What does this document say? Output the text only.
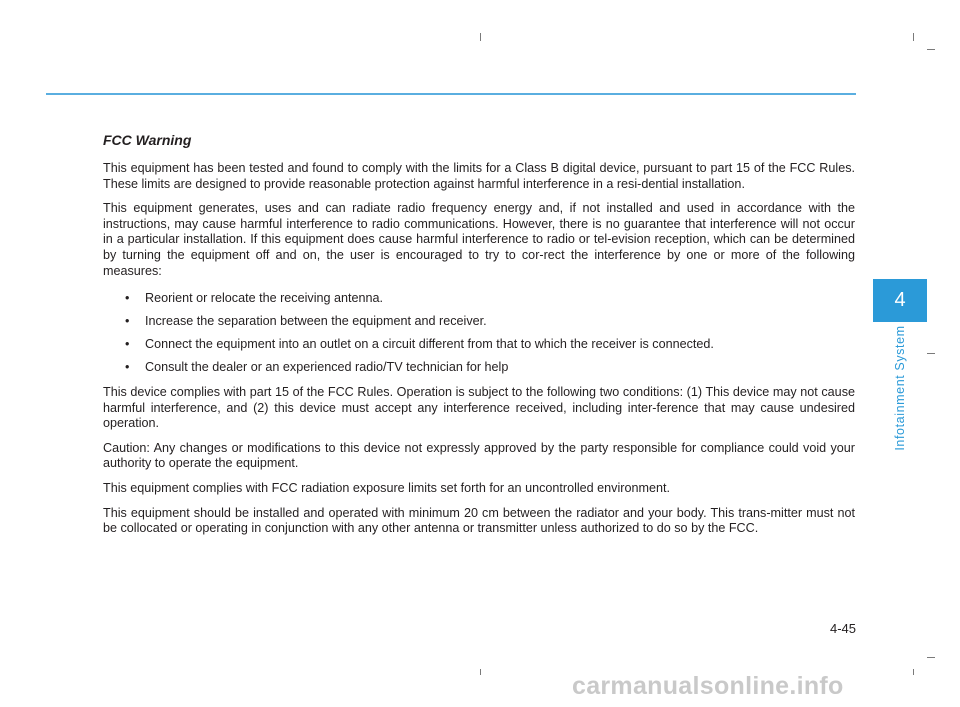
4
Infotainment System
FCC Warning

This equipment has been tested and found to comply with the limits for a Class B digital device, pursuant to part 15 of the FCC Rules. These limits are designed to provide reasonable protection against harmful interference in a resi-dential installation.

This equipment generates, uses and can radiate radio frequency energy and, if not installed and used in accordance with the instructions, may cause harmful interference to radio communications. However, there is no guarantee that interference will not occur in a particular installation. If this equipment does cause harmful interference to radio or tel-evision reception, which can be determined by turning the equipment off and on, the user is encouraged to try to cor-rect the interference by one or more of the following measures:

• Reorient or relocate the receiving antenna.
• Increase the separation between the equipment and receiver.
• Connect the equipment into an outlet on a circuit different from that to which the receiver is connected.
• Consult the dealer or an experienced radio/TV technician for help

This device complies with part 15 of the FCC Rules. Operation is subject to the following two conditions: (1) This device may not cause harmful interference, and (2) this device must accept any interference received, including inter-ference that may cause undesired operation.

Caution: Any changes or modifications to this device not expressly approved by the party responsible for compliance could void your authority to operate the equipment.

This equipment complies with FCC radiation exposure limits set forth for an uncontrolled environment.

This equipment should be installed and operated with minimum 20 cm between the radiator and your body. This trans-mitter must not be collocated or operating in conjunction with any other antenna or transmitter unless authorized to do so by the FCC.

4-45
carmanualsonline.info
